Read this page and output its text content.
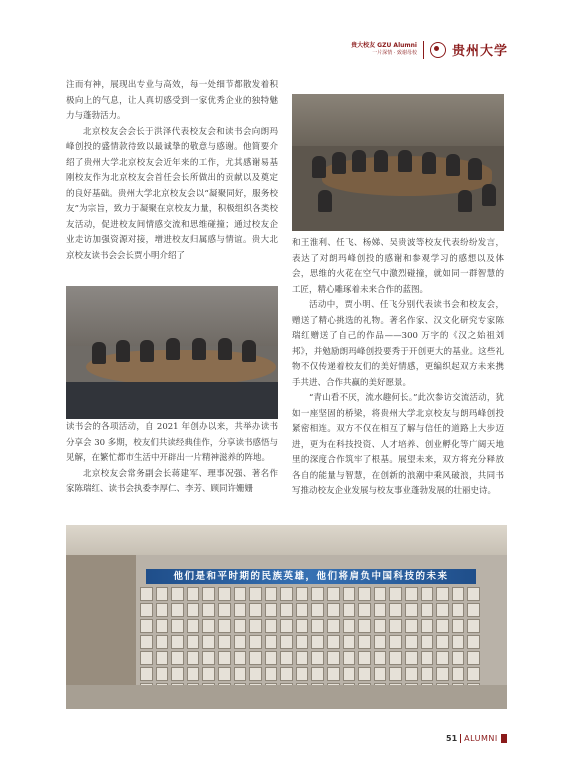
贵大校友 GZU Alumni
一片深情 · 致谢母校	贵州大学

注而有神，展现出专业与高效，每一处细节都散发着积极向上的气息，让人真切感受到一家优秀企业的独特魅力与蓬勃活力。

北京校友会会长于洪泽代表校友会和读书会向朗玛峰创投的盛情款待致以最诚挚的敬意与感谢。他简要介绍了贵州大学北京校友会近年来的工作，尤其感谢易基刚校友作为北京校友会首任会长所做出的贡献以及奠定的良好基础。贵州大学北京校友会以“凝聚同好，服务校友”为宗旨，致力于凝聚在京校友力量，积极组织各类校友活动，促进校友间情感交流和思维碰撞；通过校友企业走访加强资源对接，增进校友归属感与情谊。贵大北京校友读书会会长贾小明介绍了

读书会的各项活动，自 2021 年创办以来，共举办读书分享会 30 多期，校友们共读经典佳作，分享读书感悟与见解，在繁忙都市生活中开辟出一片精神滋养的阵地。

北京校友会常务副会长蒋建军、理事况强、著名作家陈瑞红、读书会执委李厚仁、李芳、顾同许姗姗

和王淮利、任飞、杨娣、吴贵波等校友代表纷纷发言，表达了对朗玛峰创投的感谢和参观学习的感想以及体会，思维的火花在空气中激烈碰撞，就如同一群智慧的工匠，精心雕琢着未来合作的蓝图。

活动中，贾小明、任飞分别代表读书会和校友会，赠送了精心挑选的礼物。著名作家、汉文化研究专家陈瑞红赠送了自己的作品——300 万字的《汉之始祖刘邦》，并勉励朗玛峰创投要秀于开创更大的基业。这些礼物不仅传递着校友们的美好情感，更编织起双方未来携手共进、合作共赢的美好愿景。

“青山看不厌，流水趣何长。”此次参访交流活动，犹如一座坚固的桥梁，将贵州大学北京校友与朗玛峰创投紧密相连。双方不仅在相互了解与信任的道路上大步迈进，更为在科技投资、人才培养、创业孵化等广阔天地里的深度合作筑牢了根基。展望未来，双方将充分释放各自的能量与智慧，在创新的浪潮中乘风破浪，共同书写推动校友企业发展与校友事业蓬勃发展的壮丽史诗。

他们是和平时期的民族英雄，他们将肩负中国科技的未来
51 ALUMNI
